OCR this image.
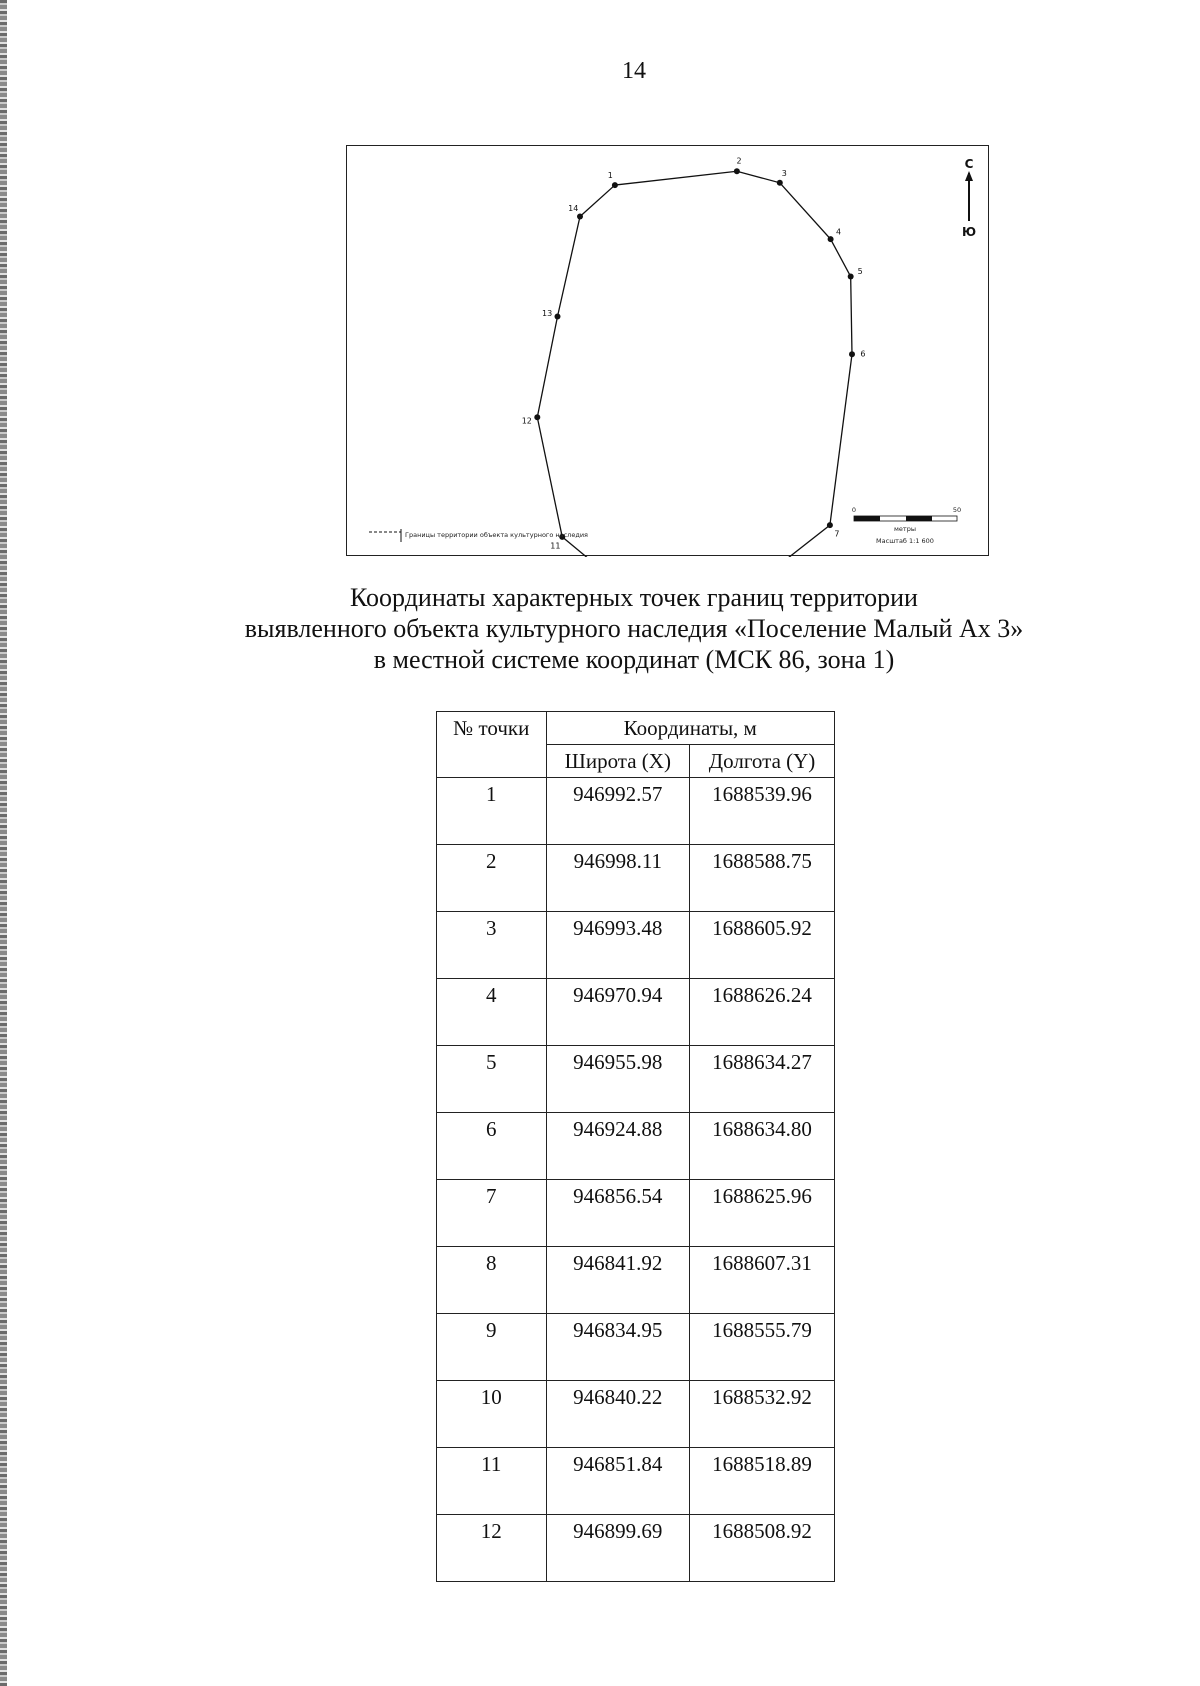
14
1
2
3
4
5
6
7
11
12
13
14
С
Ю
0	50
метры
Масштаб 1:1 600
Границы территории объекта культурного наследия
Координаты характерных точек границ территории
выявленного объекта культурного наследия «Поселение Малый Ах 3»
в местной системе координат (МСК 86, зона 1)
№ точки	Координаты, м	
	Широта (X)	Долгота (Y)
1	946992.57	1688539.96
2	946998.11	1688588.75
3	946993.48	1688605.92
4	946970.94	1688626.24
5	946955.98	1688634.27
6	946924.88	1688634.80
7	946856.54	1688625.96
8	946841.92	1688607.31
9	946834.95	1688555.79
10	946840.22	1688532.92
11	946851.84	1688518.89
12	946899.69	1688508.92
